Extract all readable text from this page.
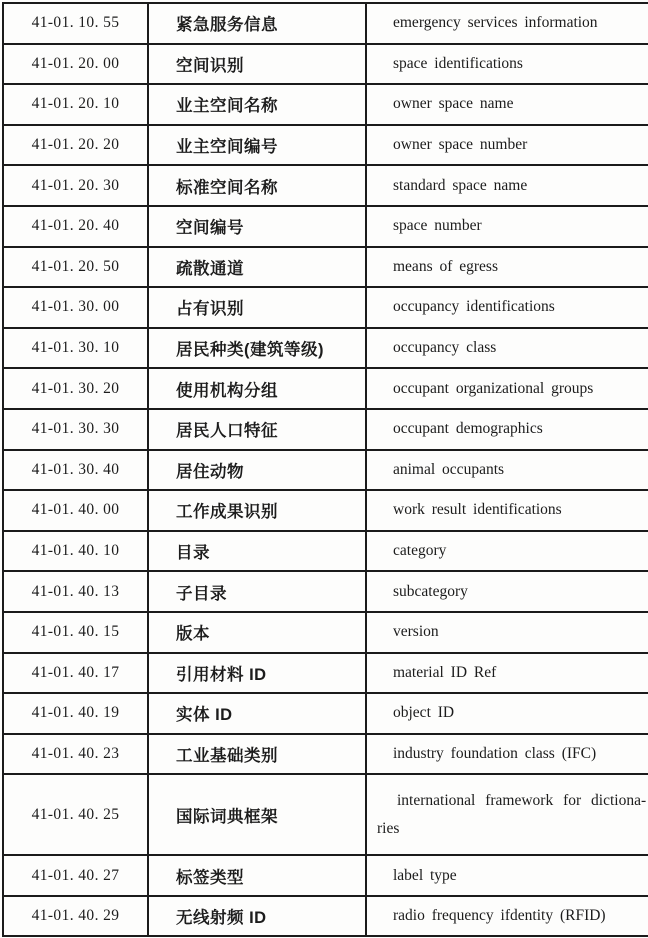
41-01. 10. 55	紧急服务信息	emergency services information
41-01. 20. 00	空间识别	space identifications
41-01. 20. 10	业主空间名称	owner space name
41-01. 20. 20	业主空间编号	owner space number
41-01. 20. 30	标准空间名称	standard space name
41-01. 20. 40	空间编号	space number
41-01. 20. 50	疏散通道	means of egress
41-01. 30. 00	占有识别	occupancy identifications
41-01. 30. 10	居民种类(建筑等级)	occupancy class
41-01. 30. 20	使用机构分组	occupant organizational groups
41-01. 30. 30	居民人口特征	occupant demographics
41-01. 30. 40	居住动物	animal occupants
41-01. 40. 00	工作成果识别	work result identifications
41-01. 40. 10	目录	category
41-01. 40. 13	子目录	subcategory
41-01. 40. 15	版本	version
41-01. 40. 17	引用材料 ID	material ID Ref
41-01. 40. 19	实体 ID	object ID
41-01. 40. 23	工业基础类别	industry foundation class (IFC)
41-01. 40. 25	国际词典框架	international framework for dictiona-
ries

41-01. 40. 27	标签类型	label type
41-01. 40. 29	无线射频 ID	radio frequency ifdentity (RFID)
